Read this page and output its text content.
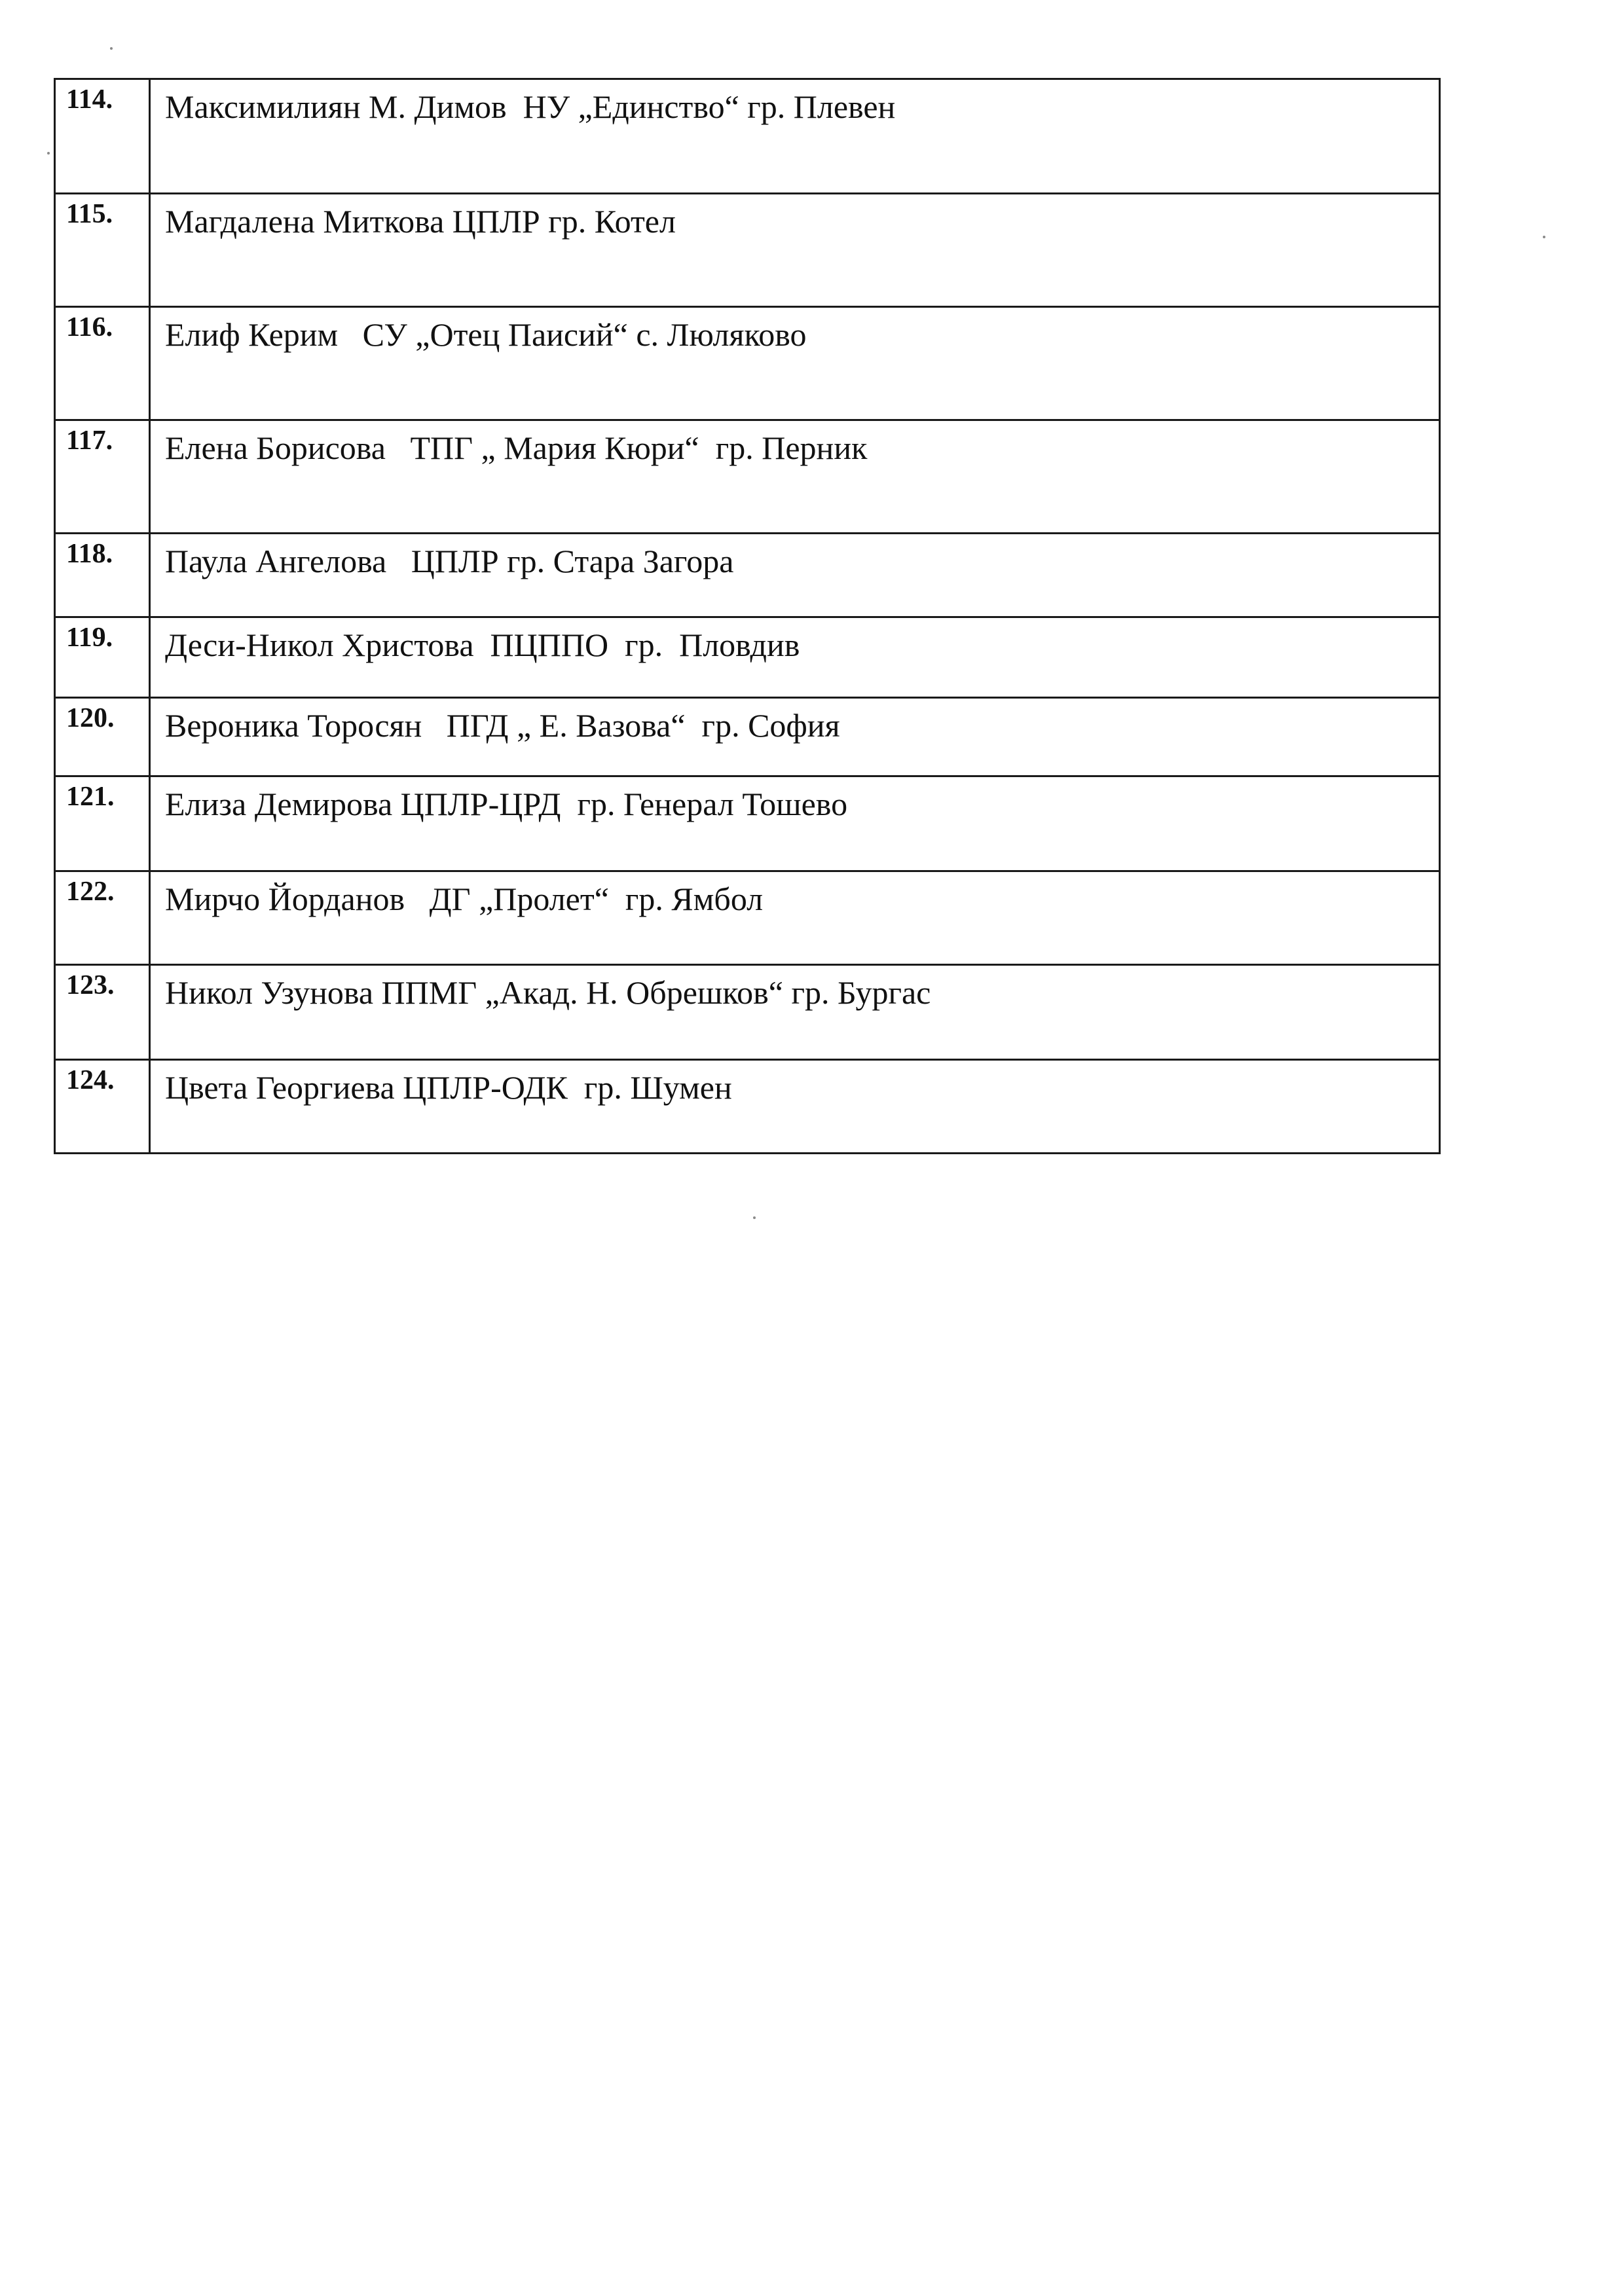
114.	Максимилиян М. Димов  НУ „Единство“ гр. Плевен
115.	Магдалена Миткова ЦПЛР гр. Котел
116.	Елиф Керим   СУ „Отец Паисий“ с. Люляково
117.	Елена Борисова   ТПГ „ Мария Кюри“  гр. Перник
118.	Паула Ангелова   ЦПЛР гр. Стара Загора
119.	Деси-Никол Христова  ПЦППО  гр.  Пловдив
120.	Вероника Торосян   ПГД „ Е. Вазова“  гр. София
121.	Елиза Демирова ЦПЛР-ЦРД  гр. Генерал Тошево
122.	Мирчо Йорданов   ДГ „Пролет“  гр. Ямбол
123.	Никол Узунова ППМГ „Акад. Н. Обрешков“ гр. Бургас
124.	Цвета Георгиева ЦПЛР-ОДК  гр. Шумен
